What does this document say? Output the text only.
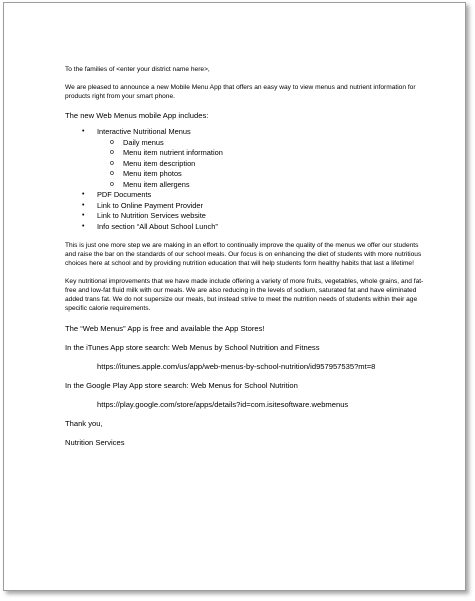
To the families of <enter your district name here>,

We are pleased to announce a new Mobile Menu App that offers an easy way to view menus and nutrient information for products right from your smart phone.

The new Web Menus mobile App includes:

• Interactive Nutritional Menus
o Daily menus
o Menu item nutrient information
o Menu item description
o Menu item photos
o Menu item allergens
• PDF Documents
• Link to Online Payment Provider
• Link to Nutrition Services website
• Info section “All About School Lunch”

This is just one more step we are making in an effort to continually improve the quality of the menus we offer our students and raise the bar on the standards of our school meals. Our focus is on enhancing the diet of students with more nutritious choices here at school and by providing nutrition education that will help students form healthy habits that last a lifetime!

Key nutritional improvements that we have made include offering a variety of more fruits, vegetables, whole grains, and fat-free and low-fat fluid milk with our meals. We are also reducing in the levels of sodium, saturated fat and have eliminated added trans fat. We do not supersize our meals, but instead strive to meet the nutrition needs of students within their age specific calorie requirements.

The “Web Menus” App is free and available the App Stores!

In the iTunes App store search: Web Menus by School Nutrition and Fitness

https://itunes.apple.com/us/app/web-menus-by-school-nutrition/id957957535?mt=8

In the Google Play App store search: Web Menus for School Nutrition

https://play.google.com/store/apps/details?id=com.isitesoftware.webmenus

Thank you,

Nutrition Services
